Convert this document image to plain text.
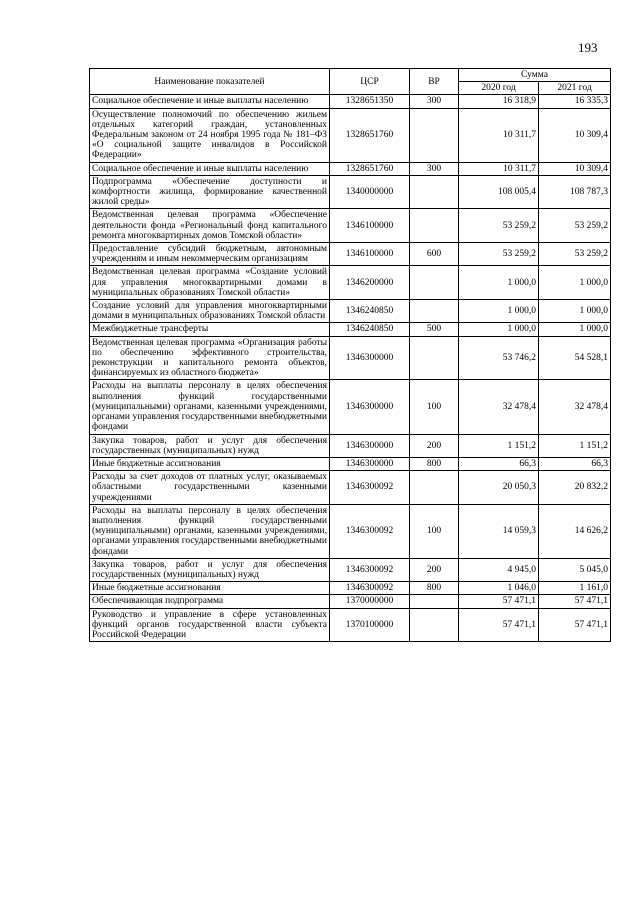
193
Наименование показателей	ЦСР	ВР	Сумма	
			2020 год	2021 год
Социальное обеспечение и иные выплаты населению	1328651350	300	16 318,9	16 335,3
Осуществление полномочий по обеспечению жильем отдельных категорий граждан, установленных Федеральным законом от 24 ноября 1995 года № 181–ФЗ «О социальной защите инвалидов в Российской Федерации»	1328651760		10 311,7	10 309,4
Социальное обеспечение и иные выплаты населению	1328651760	300	10 311,7	10 309,4
Подпрограмма «Обеспечение доступности и комфортности жилища, формирование качественной жилой среды»	1340000000		108 005,4	108 787,3
Ведомственная целевая программа «Обеспечение деятельности фонда «Региональный фонд капитального ремонта многоквартирных домов Томской области»	1346100000		53 259,2	53 259,2
Предоставление субсидий бюджетным, автономным учреждениям и иным некоммерческим организациям	1346100000	600	53 259,2	53 259,2
Ведомственная целевая программа «Создание условий для управления многоквартирными домами в муниципальных образованиях Томской области»	1346200000		1 000,0	1 000,0
Создание условий для управления многоквартирными домами в муниципальных образованиях Томской области	1346240850		1 000,0	1 000,0
Межбюджетные трансферты	1346240850	500	1 000,0	1 000,0
Ведомственная целевая программа «Организация работы по обеспечению эффективного строительства, реконструкции и капитального ремонта объектов, финансируемых из областного бюджета»	1346300000		53 746,2	54 528,1
Расходы на выплаты персоналу в целях обеспечения выполнения функций государственными (муниципальными) органами, казенными учреждениями, органами управления государственными внебюджетными фондами	1346300000	100	32 478,4	32 478,4
Закупка товаров, работ и услуг для обеспечения государственных (муниципальных) нужд	1346300000	200	1 151,2	1 151,2
Иные бюджетные ассигнования	1346300000	800	66,3	66,3
Расходы за счет доходов от платных услуг, оказываемых областными государственными казенными учреждениями	1346300092		20 050,3	20 832,2
Расходы на выплаты персоналу в целях обеспечения выполнения функций государственными (муниципальными) органами, казенными учреждениями, органами управления государственными внебюджетными фондами	1346300092	100	14 059,3	14 626,2
Закупка товаров, работ и услуг для обеспечения государственных (муниципальных) нужд	1346300092	200	4 945,0	5 045,0
Иные бюджетные ассигнования	1346300092	800	1 046,0	1 161,0
Обеспечивающая подпрограмма	1370000000		57 471,1	57 471,1
Руководство и управление в сфере установленных функций органов государственной власти субъекта Российской Федерации	1370100000		57 471,1	57 471,1
